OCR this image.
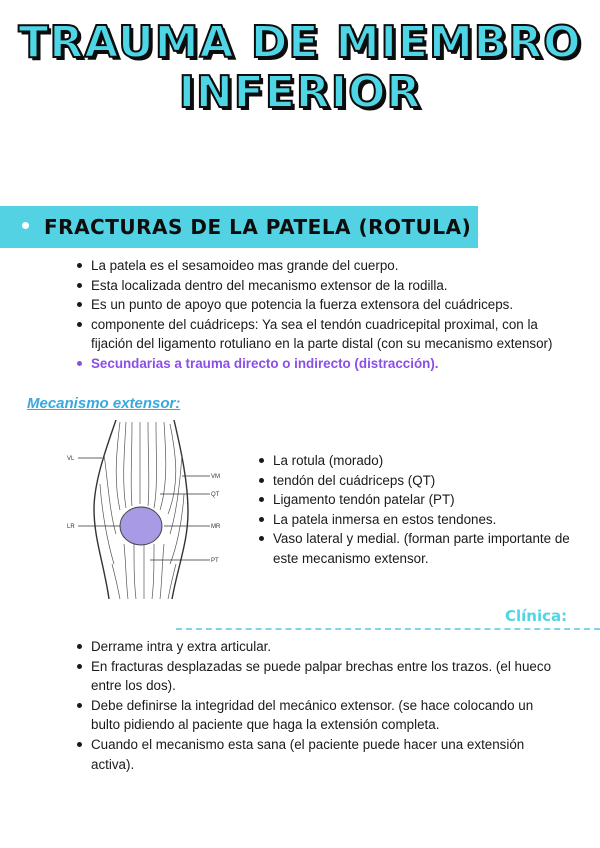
TRAUMA DE MIEMBRO
INFERIOR
FRACTURAS DE LA PATELA (ROTULA)
La patela es el sesamoideo mas grande del cuerpo.
Esta localizada dentro del mecanismo extensor de la rodilla.
Es un punto de apoyo que potencia la fuerza extensora del cuádriceps.
componente del cuádriceps: Ya sea el tendón cuadricepital proximal, con la fijación del ligamento rotuliano en la parte distal (con su mecanismo extensor)
Secundarias a trauma directo o indirecto (distracción).
Mecanismo extensor:
VL
VM
QT
LR	MR
PT
La rotula (morado)
tendón del cuádriceps (QT)
Ligamento tendón patelar (PT)
La patela inmersa en estos tendones.
Vaso lateral y medial. (forman parte importante de este mecanismo extensor.
Clínica:
Derrame intra y extra articular.
En fracturas desplazadas se puede palpar brechas entre los trazos. (el hueco entre los dos).
Debe definirse la integridad del mecánico extensor. (se hace colocando un bulto pidiendo al paciente que haga la extensión completa.
Cuando el mecanismo esta sana (el paciente puede hacer una extensión activa).
